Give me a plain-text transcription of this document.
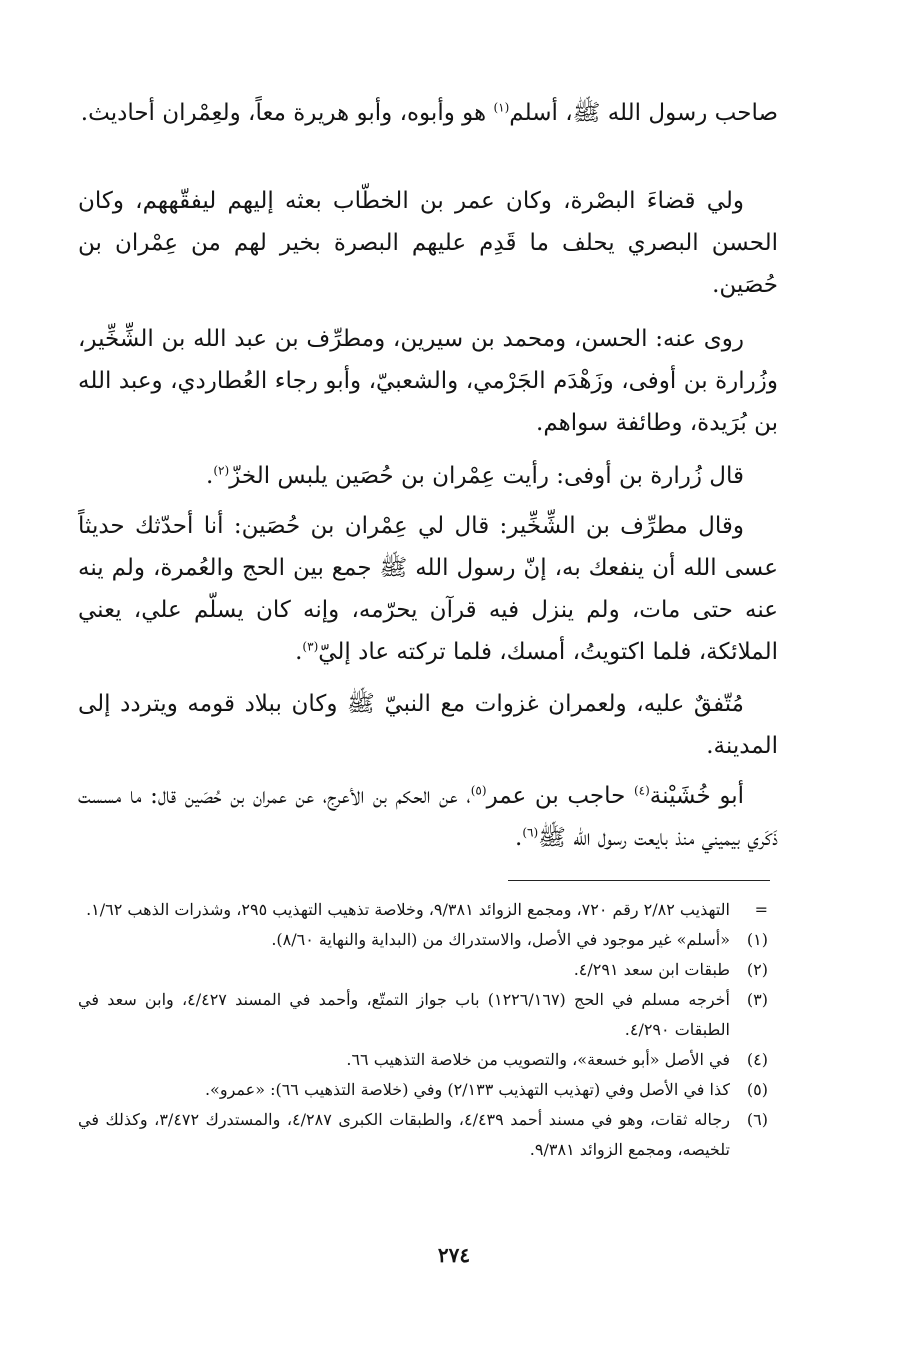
صاحب رسول الله ﷺ، أسلم$^{(١)}$ هو وأبوه، وأبو هريرة معاً، ولعِمْران أحاديث.

ولي قضاءَ البصْرة، وكان عمر بن الخطّاب بعثه إليهم ليفقّههم، وكان الحسن البصري يحلف ما قَدِم عليهم البصرة بخير لهم من عِمْران بن حُصَين.

روى عنه: الحسن، ومحمد بن سيرين، ومطرِّف بن عبد الله بن الشِّخِّير، وزُرارة بن أوفى، وزَهْدَم الجَرْمي، والشعبيّ، وأبو رجاء العُطاردي، وعبد الله بن بُرَيدة، وطائفة سواهم.

قال زُرارة بن أوفى: رأيت عِمْران بن حُصَين يلبس الخزّ$^{(٢)}$.

وقال مطرِّف بن الشِّخِّير: قال لي عِمْران بن حُصَين: أنا أحدّثك حديثاً عسى الله أن ينفعك به، إنّ رسول الله ﷺ جمع بين الحج والعُمرة، ولم ينه عنه حتى مات، ولم ينزل فيه قرآن يحرّمه، وإنه كان يسلّم علي، يعني الملائكة، فلما اكتويتُ، أمسك، فلما تركته عاد إليّ$^{(٣)}$.

مُتّفقٌ عليه، ولعمران غزوات مع النبيّ ﷺ وكان ببلاد قومه ويتردد إلى المدينة.

أبو خُشَيْنة$^{(٤)}$ حاجب بن عمر$^{(٥)}$، عن الحكم بن الأعرج، عن عمران بن حُصَين قال: ما مسست ذَكَري بيميني منذ بايعت رسول الله ﷺ$^{(٦)}$.

=
التهذيب ٢/٨٢ رقم ٧٢٠، ومجمع الزوائد ٩/٣٨١، وخلاصة تذهيب التهذيب ٢٩٥، وشذرات الذهب ١/٦٢.
(١)
«أسلم» غير موجود في الأصل، والاستدراك من (البداية والنهاية ٨/٦٠).
(٢)
طبقات ابن سعد ٤/٢٩١.
(٣)
أخرجه مسلم في الحج (١٢٢٦/١٦٧) باب جواز التمتّع، وأحمد في المسند ٤/٤٢٧، وابن سعد في الطبقات ٤/٢٩٠.
(٤)
في الأصل «أبو خسعة»، والتصويب من خلاصة التذهيب ٦٦.
(٥)
كذا في الأصل وفي (تهذيب التهذيب ٢/١٣٣) وفي (خلاصة التذهيب ٦٦): «عمرو».
(٦)
رجاله ثقات، وهو في مسند أحمد ٤/٤٣٩، والطبقات الكبرى ٤/٢٨٧، والمستدرك ٣/٤٧٢، وكذلك في تلخيصه، ومجمع الزوائد ٩/٣٨١.
٢٧٤
